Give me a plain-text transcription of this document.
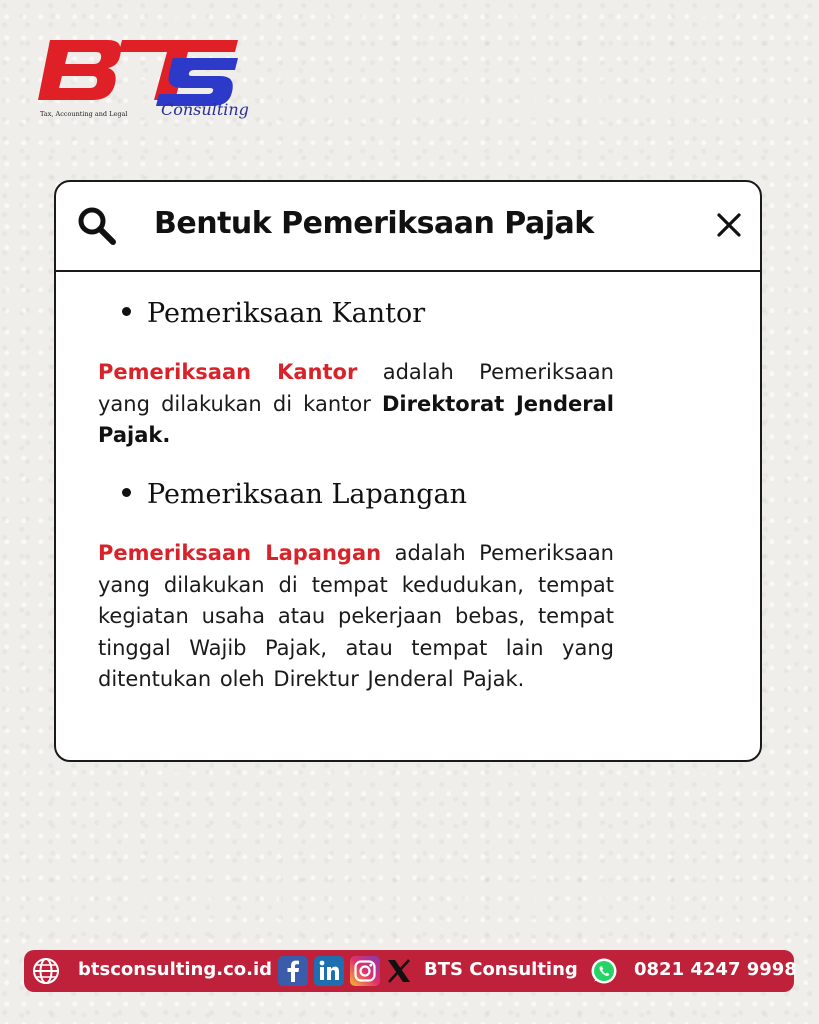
Tax, Accounting and Legal Consulting
Bentuk Pemeriksaan Pajak
Pemeriksaan Kantor
Pemeriksaan Kantor adalah Pemeriksaan yang dilakukan di kantor Direktorat Jenderal Pajak.
Pemeriksaan Lapangan
Pemeriksaan Lapangan adalah Pemeriksaan yang dilakukan di tempat kedudukan, tempat kegiatan usaha atau pekerjaan bebas, tempat tinggal Wajib Pajak, atau tempat lain yang ditentukan oleh Direktur Jenderal Pajak.
btsconsulting.co.id	BTS Consulting	0821 4247 9998
